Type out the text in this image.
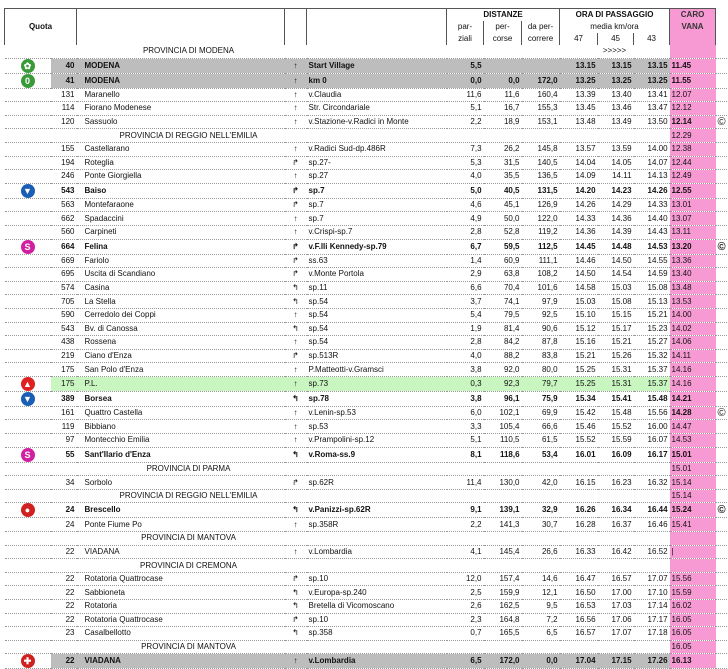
Quota					DISTANZE			ORA DI PASSAGGIO			CARO
VANA	
					par-	per-	da per-	media km/ora				
					ziali	corse	correre	47	45	43		
PROVINCIA DI MODENA								>>>>>				
✿	40	MODENA	↑	Start Village	5,5			13.15	13.15	13.15	11.45	
0	41	MODENA	↑	km 0	0,0	0,0	172,0	13.25	13.25	13.25	11.55	
	131	Maranello	↑	v.Claudia	11,6	11,6	160,4	13.39	13.40	13.41	12.07	
	114	Fiorano Modenese	↑	Str. Circondariale	5,1	16,7	155,3	13.45	13.46	13.47	12.12	
	120	Sassuolo	↑	v.Stazione-v.Radici in Monte	2,2	18,9	153,1	13.48	13.49	13.50	12.14	©
PROVINCIA DI REGGIO NELL'EMILIA											12.29	
	155	Castellarano	↑	v.Radici Sud-dp.486R	7,3	26,2	145,8	13.57	13.59	14.00	12.38	
	194	Roteglia	↱	sp.27-	5,3	31,5	140,5	14.04	14.05	14.07	12.44	
	246	Ponte Giorgiella	↑	sp.27	4,0	35,5	136,5	14.09	14.11	14.13	12.49	
▼	543	Baiso	↱	sp.7	5,0	40,5	131,5	14.20	14.23	14.26	12.55	
	563	Montefaraone	↱	sp.7	4,6	45,1	126,9	14.26	14.29	14.33	13.01	
	662	Spadaccini	↑	sp.7	4,9	50,0	122,0	14.33	14.36	14.40	13.07	
	560	Carpineti	↑	v.Crispi-sp.7	2,8	52,8	119,2	14.36	14.39	14.43	13.11	
S	664	Felina	↱	v.F.lli Kennedy-sp.79	6,7	59,5	112,5	14.45	14.48	14.53	13.20	©
	669	Fariolo	↱	ss.63	1,4	60,9	111,1	14.46	14.50	14.55	13.36	
	695	Uscita di Scandiano	↱	v.Monte Portola	2,9	63,8	108,2	14.50	14.54	14.59	13.40	
	574	Casina	↰	sp.11	6,6	70,4	101,6	14.58	15.03	15.08	13.48	
	705	La Stella	↰	sp.54	3,7	74,1	97,9	15.03	15.08	15.13	13.53	
	590	Cerredolo dei Coppi	↑	sp.54	5,4	79,5	92,5	15.10	15.15	15.21	14.00	
	543	Bv. di Canossa	↰	sp.54	1,9	81,4	90,6	15.12	15.17	15.23	14.02	
	438	Rossena	↑	sp.54	2,8	84,2	87,8	15.16	15.21	15.27	14.06	
	219	Ciano d'Enza	↱	sp.513R	4,0	88,2	83,8	15.21	15.26	15.32	14.11	
	175	San Polo d'Enza	↑	P.Matteotti-v.Gramsci	3,8	92,0	80,0	15.25	15.31	15.37	14.16	
▲	175	P.L.	↑	sp.73	0,3	92,3	79,7	15.25	15.31	15.37	14.16	
▼	389	Borsea	↰	sp.78	3,8	96,1	75,9	15.34	15.41	15.48	14.21	
	161	Quattro Castella	↑	v.Lenin-sp.53	6,0	102,1	69,9	15.42	15.48	15.56	14.28	©
	119	Bibbiano	↑	sp.53	3,3	105,4	66,6	15.46	15.52	16.00	14.47	
	97	Montecchio Emilia	↑	v.Prampolini-sp.12	5,1	110,5	61,5	15.52	15.59	16.07	14.53	
S	55	Sant'Ilario d'Enza	↰	v.Roma-ss.9	8,1	118,6	53,4	16.01	16.09	16.17	15.01	
PROVINCIA DI PARMA											15.01	
	34	Sorbolo	↱	sp.62R	11,4	130,0	42,0	16.15	16.23	16.32	15.14	
PROVINCIA DI REGGIO NELL'EMILIA											15.14	
●	24	Brescello	↰	v.Panizzi-sp.62R	9,1	139,1	32,9	16.26	16.34	16.44	15.24	©
	24	Ponte Fiume Po	↑	sp.358R	2,2	141,3	30,7	16.28	16.37	16.46	15.41	
PROVINCIA DI MANTOVA												
	22	VIADANA	↑	v.Lombardia	4,1	145,4	26,6	16.33	16.42	16.52	|	
PROVINCIA DI CREMONA												
	22	Rotatoria Quattrocase	↱	sp.10	12,0	157,4	14,6	16.47	16.57	17.07	15.56	
	22	Sabbioneta	↰	v.Europa-sp.240	2,5	159,9	12,1	16.50	17.00	17.10	15.59	
	22	Rotatoria	↰	Bretella di Vicomoscano	2,6	162,5	9,5	16.53	17.03	17.14	16.02	
	22	Rotatoria Quattrocase	↱	sp.10	2,3	164,8	7,2	16.56	17.06	17.17	16.05	
	23	Casalbellotto	↰	sp.358	0,7	165,5	6,5	16.57	17.07	17.18	16.05	
PROVINCIA DI MANTOVA											16.05	
✚	22	VIADANA	↑	v.Lombardia	6,5	172,0	0,0	17.04	17.15	17.26	16.13	
